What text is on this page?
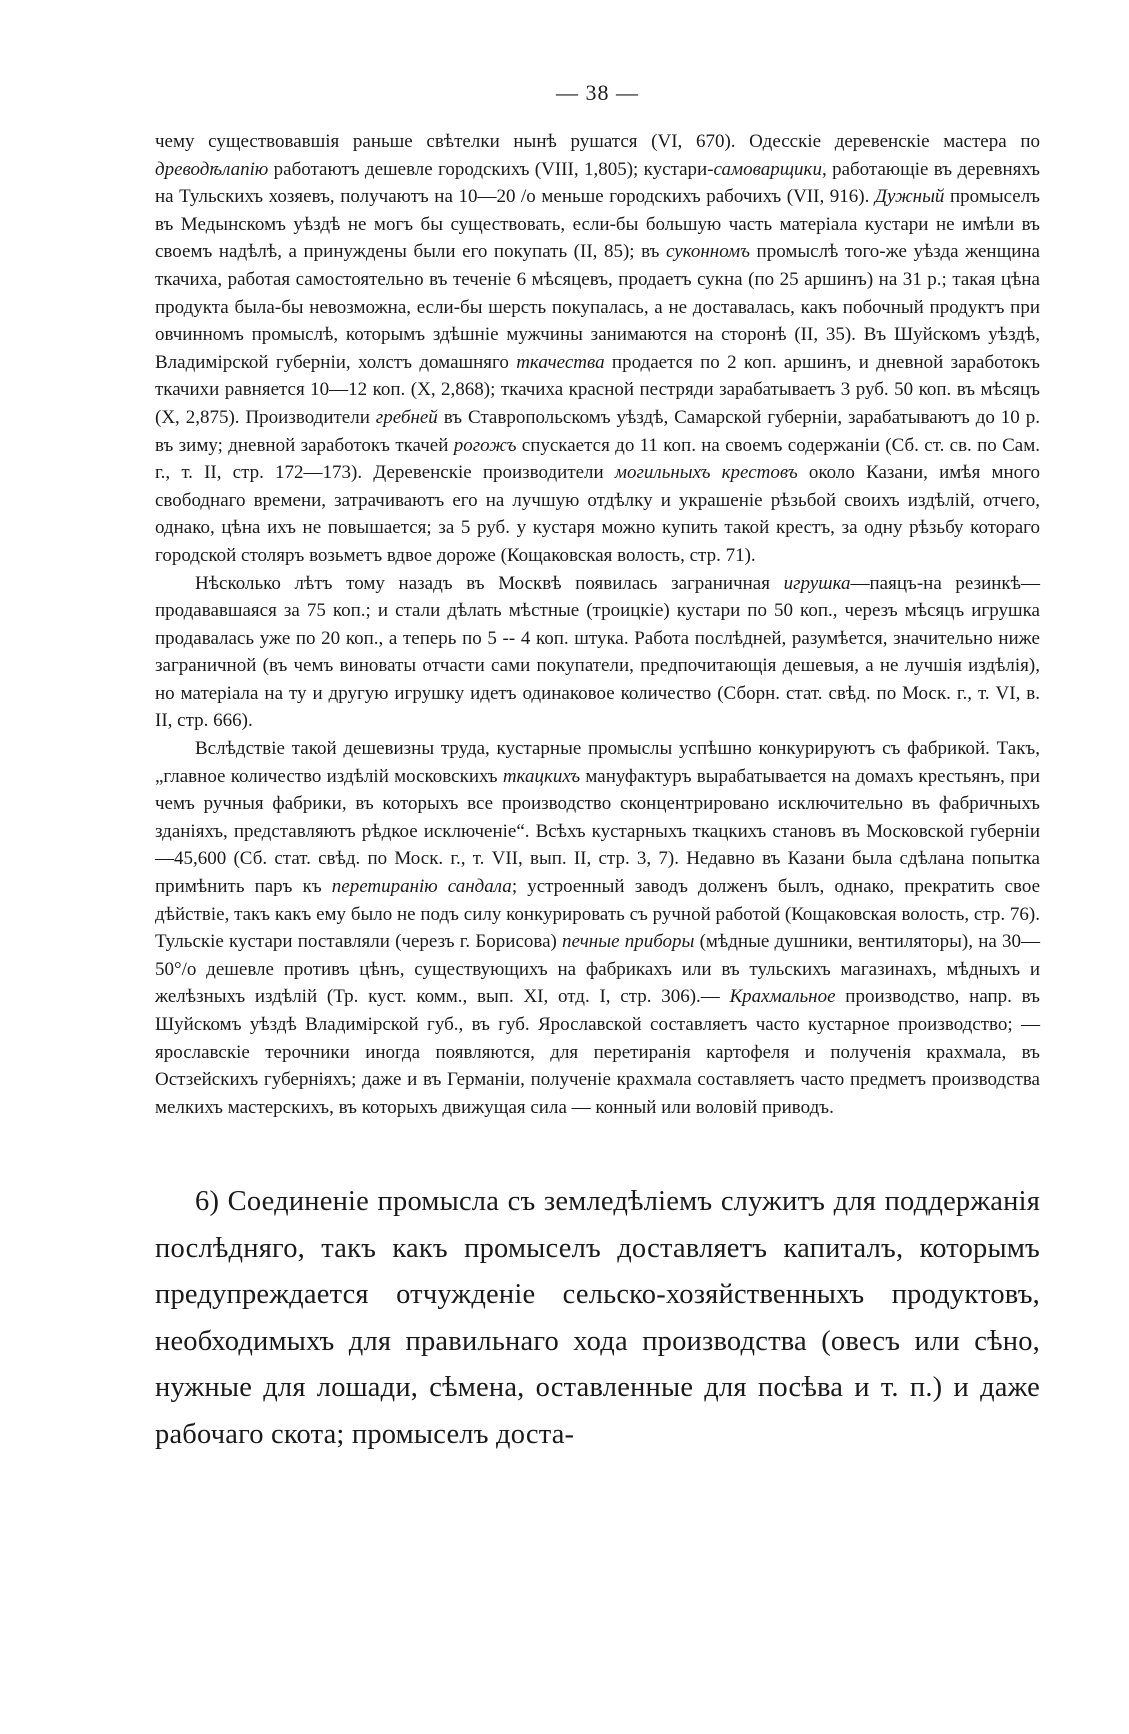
— 38 —

чему существовавшія раньше свѣтелки нынѣ рушатся (VI, 670). Одесскіе деревенскіе мастера по древодѣлаnію работаютъ дешевле городскихъ (VIII, 1,805); кустари-самоварщики, работающіе въ деревняхъ на Тульскихъ хозяевъ, получаютъ на 10—20 /о меньше городскихъ рабочихъ (VII, 916). Дужный промыселъ въ Медынскомъ уѣздѣ не могъ бы существовать, если-бы большую часть матеріала кустари не имѣли въ своемъ надѣлѣ, а принуждены были его покупать (II, 85); въ суконномъ промыслѣ того-же уѣзда женщина ткачиха, работая самостоятельно въ теченіе 6 мѣсяцевъ, продаетъ сукна (по 25 аршинъ) на 31 р.; такая цѣна продукта была-бы невозможна, если-бы шерсть покупалась, а не доставалась, какъ побочный продуктъ при овчинномъ промыслѣ, которымъ здѣшніе мужчины занимаются на сторонѣ (II, 35). Въ Шуйскомъ уѣздѣ, Владимірской губерніи, холстъ домашняго ткачества продается по 2 коп. аршинъ, и дневной заработокъ ткачихи равняется 10—12 коп. (X, 2,868); ткачиха красной пестряди зарабатываетъ 3 руб. 50 коп. въ мѣсяцъ (X, 2,875). Производители гребней въ Ставропольскомъ уѣздѣ, Самарской губерніи, зарабатываютъ до 10 р. въ зиму; дневной заработокъ ткачей рогожъ спускается до 11 коп. на своемъ содержаніи (Сб. ст. св. по Сам. г., т. II, стр. 172—173). Деревенскіе производители могильныхъ крестовъ около Казани, имѣя много свободнаго времени, затрачиваютъ его на лучшую отдѣлку и украшеніе рѣзьбой своихъ издѣлій, отчего, однако, цѣна ихъ не повышается; за 5 руб. у кустаря можно купить такой крестъ, за одну рѣзьбу котораго городской столяръ возьметъ вдвое дороже (Кощаковская волость, стр. 71).

Нѣсколько лѣтъ тому назадъ въ Москвѣ появилась заграничная игрушка—паяцъ-на резинкѣ—продававшаяся за 75 коп.; и стали дѣлать мѣстные (троицкіе) кустари по 50 коп., черезъ мѣсяцъ игрушка продавалась уже по 20 коп., а теперь по 5 -- 4 коп. штука. Работа послѣдней, разумѣется, значительно ниже заграничной (въ чемъ виноваты отчасти сами покупатели, предпочитающія дешевыя, а не лучшія издѣлія), но матеріала на ту и другую игрушку идетъ одинаковое количество (Сборн. стат. свѣд. по Моск. г., т. VI, в. II, стр. 666).

Вслѣдствіе такой дешевизны труда, кустарные промыслы успѣшно конкурируютъ съ фабрикой. Такъ, „главное количество издѣлій московскихъ ткацкихъ мануфактуръ вырабатывается на домахъ крестьянъ, при чемъ ручныя фабрики, въ которыхъ все производство сконцентрировано исключительно въ фабричныхъ зданіяхъ, представляютъ рѣдкое исключеніе“. Всѣхъ кустарныхъ ткацкихъ становъ въ Московской губерніи—45,600 (Сб. стат. свѣд. по Моск. г., т. VII, вып. II, стр. 3, 7). Недавно въ Казани была сдѣлана попытка примѣнить паръ къ перетиранію сандала; устроенный заводъ долженъ былъ, однако, прекратить свое дѣйствіе, такъ какъ ему было не подъ силу конкурировать съ ручной работой (Кощаковская волость, стр. 76). Тульскіе кустари поставляли (черезъ г. Борисова) печные приборы (мѣдные душники, вентиляторы), на 30—50°/о дешевле противъ цѣнъ, существующихъ на фабрикахъ или въ тульскихъ магазинахъ, мѣдныхъ и желѣзныхъ издѣлій (Тр. куст. комм., вып. XI, отд. I, стр. 306).— Крахмальное производство, напр. въ Шуйскомъ уѣздѣ Владимірской губ., въ губ. Ярославской составляетъ часто кустарное производство; — ярославскіе терочники иногда появляются, для перетиранія картофеля и полученія крахмала, въ Остзейскихъ губерніяхъ; даже и въ Германіи, полученіе крахмала составляетъ часто предметъ производства мелкихъ мастерскихъ, въ которыхъ движущая сила — конный или воловій приводъ.

6) Соединеніе промысла съ земледѣліемъ служитъ для поддержанія послѣдняго, такъ какъ промыселъ доставляетъ капиталъ, которымъ предупреждается отчужденіе сельско-хозяйственныхъ продуктовъ, необходимыхъ для правильнаго хода производства (овесъ или сѣно, нужные для лошади, сѣмена, оставленные для посѣва и т. п.) и даже рабочаго скота; промыселъ доста-
